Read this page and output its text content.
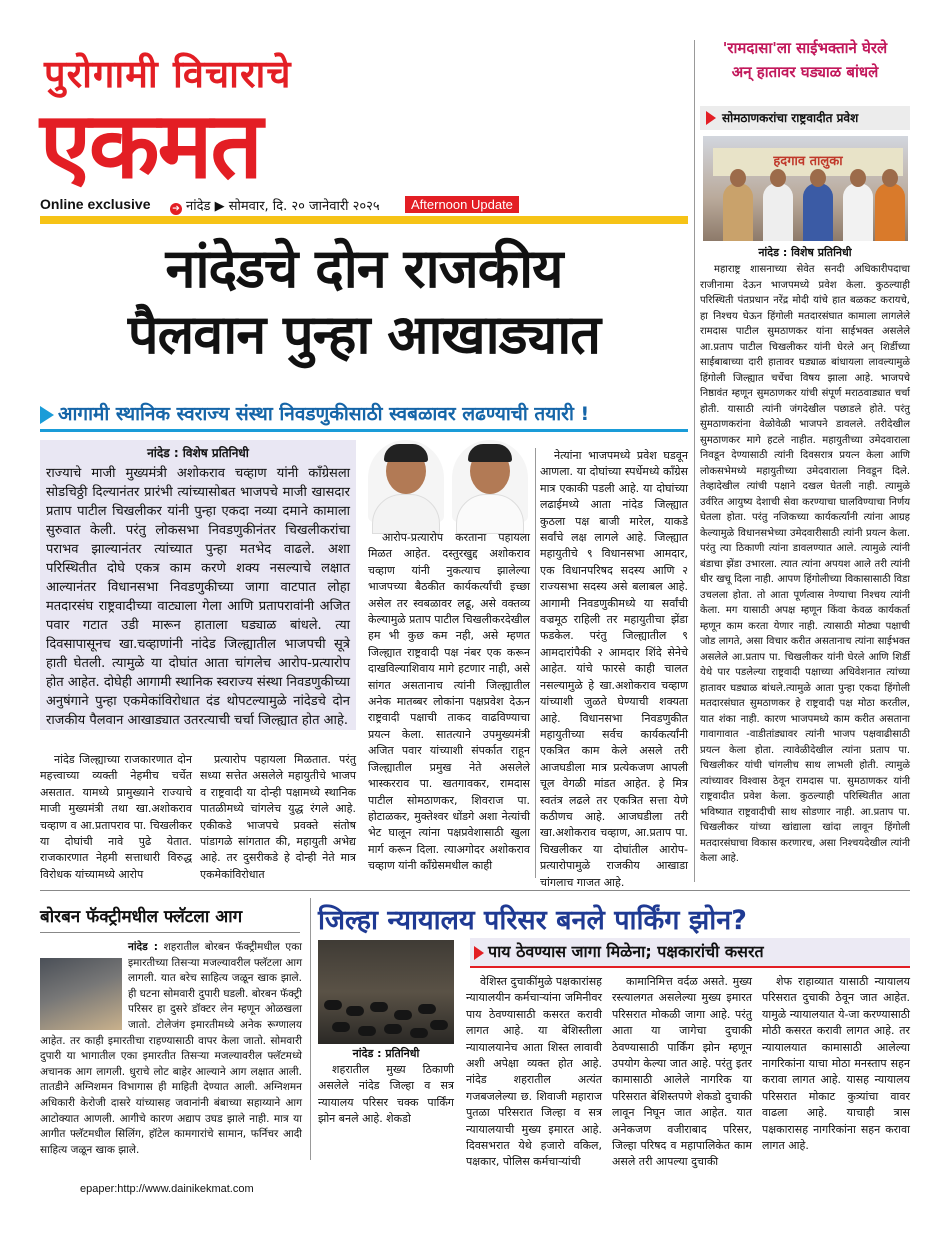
पुरोगामी विचाराचे
एकमत
Online exclusive ➔ नांदेड ▶ सोमवार, दि. २० जानेवारी २०२५	Afternoon Update
नांदेडचे दोन राजकीय
पैलवान पुन्हा आखाड्यात
आगामी स्थानिक स्वराज्य संस्था निवडणुकीसाठी स्वबळावर लढण्याची तयारी !
नांदेड : विशेष प्रतिनिधी

राज्याचे माजी मुख्यमंत्री अशोकराव चव्हाण यांनी काँग्रेसला सोडचिठ्ठी दिल्यानंतर प्रारंभी त्यांच्यासोबत भाजपचे माजी खासदार प्रताप पाटील चिखलीकर यांनी पुन्हा एकदा नव्या दमाने कामाला सुरुवात केली. परंतु लोकसभा निवडणुकीनंतर चिखलीकरांचा पराभव झाल्यानंतर त्यांच्यात पुन्हा मतभेद वाढले. अशा परिस्थितीत दोघे एकत्र काम करणे शक्य नसल्याचे लक्षात आल्यानंतर विधानसभा निवडणुकीच्या जागा वाटपात लोहा मतदारसंघ राष्ट्रवादीच्या वाट्याला गेला आणि प्रतापरावांनी अजित पवार गटात उडी मारून हाताला घड्याळ बांधले. त्या दिवसापासूनच खा.चव्हाणांनी नांदेड जिल्ह्यातील भाजपची सूत्रे हाती घेतली. त्यामुळे या दोघांत आता चांगलेच आरोप-प्रत्यारोप होत आहेत. दोघेही आगामी स्थानिक स्वराज्य संस्था निवडणुकीच्या अनुषंगाने पुन्हा एकमेकांविरोधात दंड थोपटल्यामुळे नांदेडचे दोन राजकीय पैलवान आखाड्यात उतरत्याची चर्चा जिल्ह्यात होत आहे.

आरोप-प्रत्यारोप करताना पहायला मिळत आहेत. दस्तुरखुद्द अशोकराव चव्हाण यांनी नुकत्याच झालेल्या भाजपच्या बैठकीत कार्यकर्त्यांची इच्छा असेल तर स्वबळावर लढू, असे वक्तव्य केल्यामुळे प्रताप पाटील चिखलीकरदेखील हम भी कुछ कम नही, असे म्हणत जिल्ह्यात राष्ट्रवादी पक्ष नंबर एक करून दाखविल्याशिवाय मागे हटणार नाही, असे सांगत असतानाच त्यांनी जिल्ह्यातील अनेक मातब्बर लोकांना पक्षप्रवेश देऊन राष्ट्रवादी पक्षाची ताकद वाढविण्याचा प्रयत्न केला. सातत्याने उपमुख्यमंत्री अजित पवार यांच्याशी संपर्कात राहून जिल्ह्यातील प्रमुख नेते असलेले भास्करराव पा. खतगावकर, रामदास पाटील सोमठाणकर, शिवराज पा. होटाळकर, मुक्तेश्वर धोंडगे अशा नेत्यांची भेट घालून त्यांना पक्षप्रवेशासाठी खुला मार्ग करून दिला. त्याअगोदर अशोकराव चव्हाण यांनी काँग्रेसमधील काही

नेत्यांना भाजपमध्ये प्रवेश घडवून आणला. या दोघांच्या स्पर्धेमध्ये काँग्रेस मात्र एकाकी पडली आहे. या दोघांच्या लढाईमध्ये आता नांदेड जिल्ह्यात कुठला पक्ष बाजी मारेल, याकडे सर्वांचे लक्ष लागले आहे. जिल्ह्यात महायुतीचे ९ विधानसभा आमदार, एक विधानपरिषद सदस्य आणि २ राज्यसभा सदस्य असे बलाबल आहे. आगामी निवडणुकीमध्ये या सर्वांची वज्रमूठ राहिली तर महायुतीचा झेंडा फडकेल. परंतु जिल्ह्यातील ९ आमदारांपैकी २ आमदार शिंदे सेनेचे आहेत. यांचे फारसे काही चालत नसल्यामुळे हे खा.अशोकराव चव्हाण यांच्याशी जुळते घेण्याची शक्यता आहे. विधानसभा निवडणुकीत महायुतीच्या सर्वच कार्यकर्त्यांनी एकत्रित काम केले असले तरी आजघडीला मात्र प्रत्येकजण आपली चूल वेगळी मांडत आहेत. हे मित्र स्वतंत्र लढले तर एकत्रित सत्ता येणे कठीणच आहे. आजघडीला तरी खा.अशोकराव चव्हाण, आ.प्रताप पा. चिखलीकर या दोघांतील आरोप-प्रत्यारोपामुळे राजकीय आखाडा चांगलाच गाजत आहे.

नांदेड जिल्ह्याच्या राजकारणात दोन महत्त्वाच्या व्यक्ती नेहमीच चर्चेत असतात. यामध्ये प्रामुख्याने राज्याचे माजी मुख्यमंत्री तथा खा.अशोकराव चव्हाण व आ.प्रतापराव पा. चिखलीकर या दोघांची नावे पुढे येतात. राजकारणात नेहमी सत्ताधारी विरुद्ध विरोधक यांच्यामध्ये आरोप

प्रत्यारोप पहायला मिळतात. परंतु सध्या सत्तेत असलेले महायुतीचे भाजप व राष्ट्रवादी या दोन्ही पक्षामध्ये स्थानिक पातळीमध्ये चांगलेच युद्ध रंगले आहे. एकीकडे भाजपचे प्रवक्ते संतोष पांडागळे सांगतात की, महायुती अभेद्य आहे. तर दुसरीकडे हे दोन्ही नेते मात्र एकमेकांविरोधात

'रामदासा'ला साईभक्ताने घेरले
अन् हातावर घड्याळ बांधले
सोमठाणकरांचा राष्ट्रवादीत प्रवेश
हदगाव तालुका
नांदेड : विशेष प्रतिनिधी

महाराष्ट्र शासनाच्या सेवेत सनदी अधिकारीपदाचा राजीनामा देऊन भाजपमध्ये प्रवेश केला. कुठल्याही परिस्थिती पंतप्रधान नरेंद्र मोदी यांचे हात बळकट करायचे, हा निश्चय घेऊन हिंगोली मतदारसंघात कामाला लागलेले रामदास पाटील सुमठाणकर यांना साईभक्त असलेले आ.प्रताप पाटील चिखलीकर यांनी घेरले अन् शिर्डीच्या साईबाबाच्या दारी हातावर घड्याळ बांधायला लावल्यामुळे हिंगोली जिल्ह्यात चर्चेचा विषय झाला आहे. भाजपचे निष्ठावंत म्हणून सुमठाणकर यांची संपूर्ण मराठवाड्यात चर्चा होती. यासाठी त्यांनी जंगदेखील पछाडले होते. परंतु सुमठाणकरांना वेळोवेळी भाजपने डावलले. तरीदेखील सुमठाणकर मागे हटले नाहीत. महायुतीच्या उमेदवाराला निवडून देण्यासाठी त्यांनी दिवसरात्र प्रयत्न केला आणि लोकसभेमध्ये महायुतीच्या उमेदवाराला निवडून दिले. तेव्हादेखील त्यांची पक्षाने दखल घेतली नाही. त्यामुळे उर्वरित आयुष्य देशाची सेवा करण्याचा घालविण्याचा निर्णय घेतला होता. परंतु नजिकच्या कार्यकर्त्यांनी त्यांना आग्रह केल्यामुळे विधानसभेच्या उमेदवारीसाठी त्यांनी प्रयत्न केला. परंतु त्या ठिकाणी त्यांना डावलण्यात आले. त्यामुळे त्यांनी बंडाचा झेंडा उभारला. त्यात त्यांना अपयश आले तरी त्यांनी धीर खचू दिला नाही. आपण हिंगोलीच्या विकासासाठी विडा उचलला होता. तो आता पूर्णत्वास नेण्याचा निश्चय त्यांनी केला. मग यासाठी अपक्ष म्हणून किंवा केवळ कार्यकर्ता म्हणून काम करता येणार नाही. त्यासाठी मोठ्या पक्षाची जोड लागते, असा विचार करीत असतानाच त्यांना साईभक्त असलेले आ.प्रताप पा. चिखलीकर यांनी घेरले आणि शिर्डी येथे पार पडलेल्या राष्ट्रवादी पक्षाच्या अधिवेशनात त्यांच्या हातावर घड्याळ बांधले.त्यामुळे आता पुन्हा एकदा हिंगोली मतदारसंघात सुमठाणकर हे राष्ट्रवादी पक्ष मोठा करतील, यात शंका नाही. कारण भाजपमध्ये काम करीत असताना गावागावात -वाडीतांड्यावर त्यांनी भाजप पक्षवाढीसाठी प्रयत्न केला होता. त्यावेळीदेखील त्यांना प्रताप पा. चिखलीकर यांची चांगलीच साथ लाभली होती. त्यामुळे त्यांच्यावर विश्वास ठेवून रामदास पा. सुमठाणकर यांनी राष्ट्रवादीत प्रवेश केला. कुठल्याही परिस्थितीत आता भविष्यात राष्ट्रवादीची साथ सोडणार नाही. आ.प्रताप पा. चिखलीकर यांच्या खांद्याला खांदा लावून हिंगोली मतदारसंघाचा विकास करणारच, असा निश्चयदेखील त्यांनी केला आहे.

बोरबन फॅक्ट्रीमधील फ्लॅटला आग
नांदेड : शहरातील बोरबन फॅक्ट्रीमधील एका इमारतीच्या तिसऱ्या मजल्यावरील फ्लॅटला आग लागली. यात बरेच साहित्य जळून खाक झाले. ही घटना सोमवारी दुपारी घडली. बोरबन फॅक्ट्री परिसर हा दुसरे डॉक्टर लेन म्हणून ओळखला जातो. टोलेजंग इमारतीमध्ये अनेक रूग्णालय आहेत. तर काही इमारतीचा राहण्यासाठी वापर केला जातो. सोमवारी दुपारी या भागातील एका इमारतीत तिसऱ्या मजल्यावरील फ्लॅटमध्ये अचानक आग लागली. धुराचे लोट बाहेर आल्याने आग लक्षात आली. तातडीने अग्निशमन विभागास ही माहिती देण्यात आली. अग्निशमन अधिकारी केरोजी दासरे यांच्यासह जवानांनी बंबाच्या सहाय्याने आग आटोक्यात आणली. आगीचे कारण अद्याप उघड झाले नाही. मात्र या आगीत फ्लॅटमधील सिलिंग, हॉटेल कामगारांचे सामान, फर्निचर आदी साहित्य जळून खाक झाले.
जिल्हा न्यायालय परिसर बनले पार्किंग झोन?
पाय ठेवण्यास जागा मिळेना; पक्षकारांची कसरत
नांदेड : प्रतिनिधी

शहरातील मुख्य ठिकाणी असलेले नांदेड जिल्हा व सत्र न्यायालय परिसर चक्क पार्किंग झोन बनले आहे. शेकडो

वेशिस्त दुचाकींमुळे पक्षकारांसह न्यायालयीन कर्मचाऱ्यांना जमिनीवर पाय ठेवण्यासाठी कसरत करावी लागत आहे. या बेशिस्तीला न्यायालयानेच आता शिस्त लावावी अशी अपेक्षा व्यक्त होत आहे. नांदेड शहरातील अत्यंत गजबजलेल्या छ. शिवाजी महाराज पुतळा परिसरात जिल्हा व सत्र न्यायालयाची मुख्य इमारत आहे. दिवसभरात येथे हजारो वकिल, पक्षकार, पोलिस कर्मचाऱ्यांची

कामानिमित्त वर्दळ असते. मुख्य रस्त्यालगत असलेल्या मुख्य इमारत परिसरात मोकळी जागा आहे. परंतु आता या जागेचा दुचाकी ठेवण्यासाठी पार्किंग झोन म्हणून उपयोग केल्या जात आहे. परंतु इतर कामासाठी आलेले नागरिक या परिसरात बेशिस्तपणे शेकडो दुचाकी लावून निघून जात आहेत. यात अनेकजण वजीराबाद परिसर, जिल्हा परिषद व महापालिकेत काम असले तरी आपल्या दुचाकी

शेफ राहाव्यात यासाठी न्यायालय परिसरात दुचाकी ठेवून जात आहेत. यामुळे न्यायालयात ये-जा करण्यासाठी मोठी कसरत करावी लागत आहे. तर न्यायालयात कामासाठी आलेल्या नागरिकांना याचा मोठा मनस्ताप सहन करावा लागत आहे. यासह न्यायालय परिसरात मोकाट कुत्र्यांचा वावर वाढला आहे. याचाही त्रास पक्षकारासह नागरिकांना सहन करावा लागत आहे.

epaper:http://www.dainikekmat.com
